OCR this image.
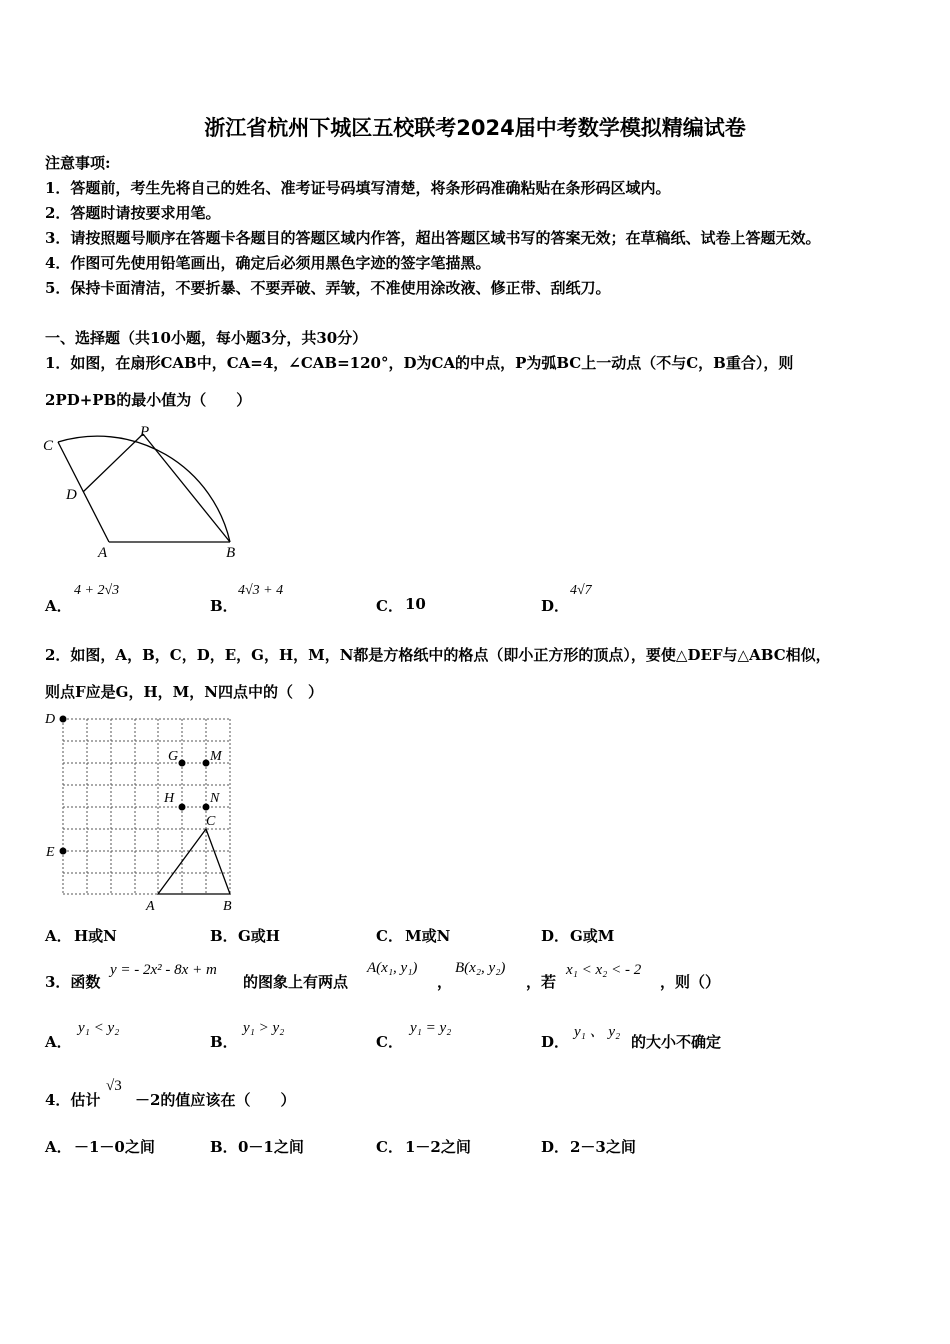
浙江省杭州下城区五校联考2024届中考数学模拟精编试卷
注意事项:
1．答题前，考生先将自己的姓名、准考证号码填写清楚，将条形码准确粘贴在条形码区域内。
2．答题时请按要求用笔。
3．请按照题号顺序在答题卡各题目的答题区域内作答，超出答题区域书写的答案无效；在草稿纸、试卷上答题无效。
4．作图可先使用铅笔画出，确定后必须用黑色字迹的签字笔描黑。
5．保持卡面清洁，不要折暴、不要弄破、弄皱，不准使用涂改液、修正带、刮纸刀。
一、选择题（共10小题，每小题3分，共30分）
1．如图，在扇形CAB中，CA=4，∠CAB=120°，D为CA的中点，P为弧BC上一动点（不与C，B重合），则
2PD+PB的最小值为（　　）
C
P
D
A	B
A．
4 + 2√3
B．
4√3 + 4
C． 10	D．
4√7
2．如图，A，B，C，D，E，G，H，M，N都是方格纸中的格点（即小正方形的顶点），要使△DEF与△ABC相似，
则点F应是G，H，M，N四点中的（　）
D
G M
H	N
C
E
A	B
A． H或N	B． G或H	C． M或N	D． G或M
3．函数
y = - 2x² - 8x + m
的图象上有两点
A(x₁, y₁)
，
B(x₂, y₂)
，若
x₁ < x₂ < - 2
，则（）
A．
y₁ < y₂
B．
y₁ > y₂
C．
y₁ = y₂
D．
y₁ 、 y₂
的大小不确定
4．估计
√3
－2的值应该在（　　）
A． －1－0之间	B． 0－1之间	C． 1－2之间	D． 2－3之间
